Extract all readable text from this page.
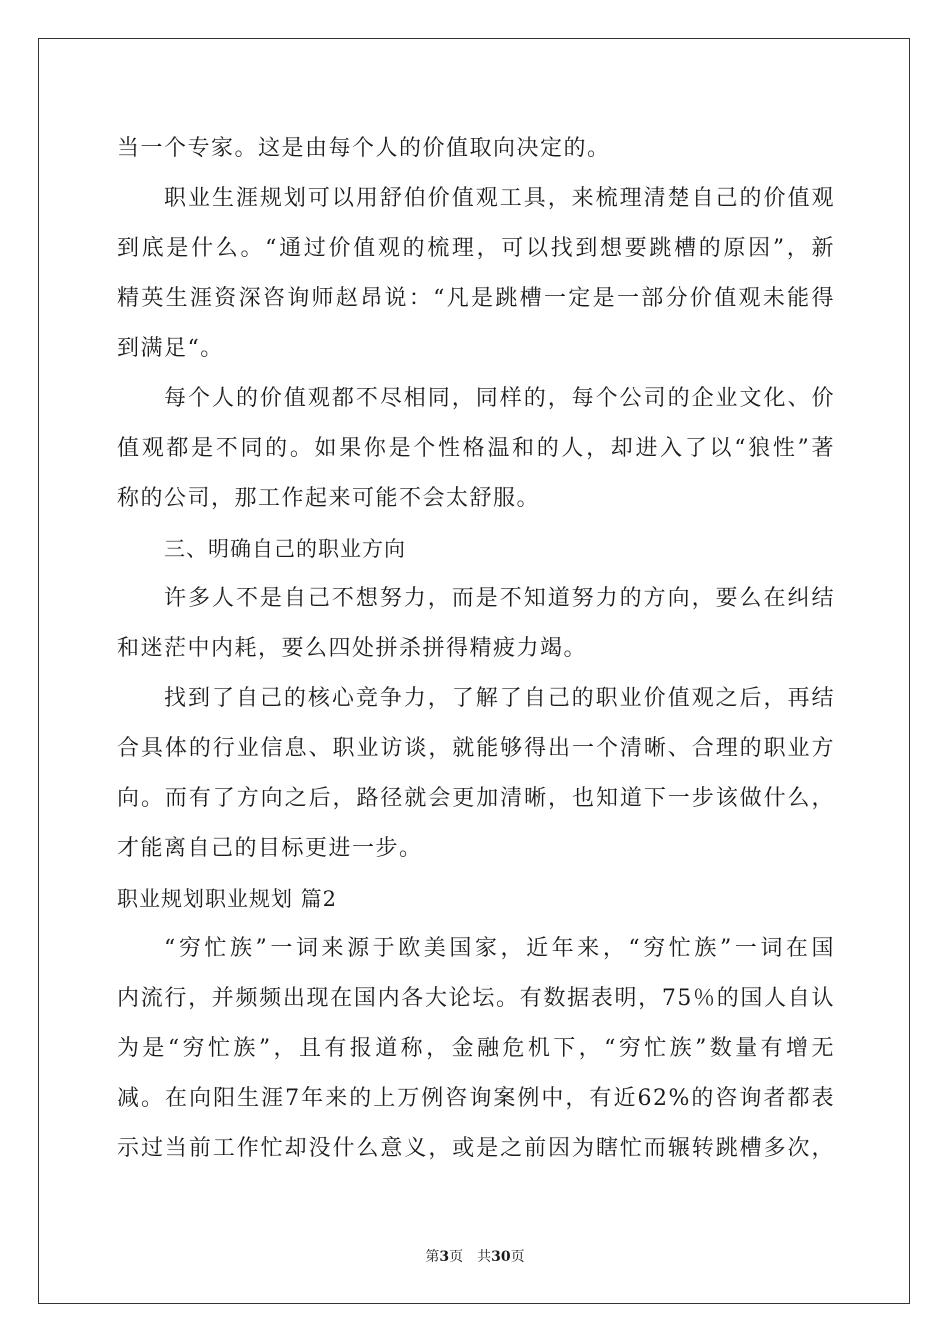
当一个专家。这是由每个人的价值取向决定的。
职业生涯规划可以用舒伯价值观工具，来梳理清楚自己的价值观
到底是什么。“通过价值观的梳理，可以找到想要跳槽的原因”，新
精英生涯资深咨询师赵昂说：“凡是跳槽一定是一部分价值观未能得
到满足“。
每个人的价值观都不尽相同，同样的，每个公司的企业文化、价
值观都是不同的。如果你是个性格温和的人，却进入了以“狼性”著
称的公司，那工作起来可能不会太舒服。
三、明确自己的职业方向
许多人不是自己不想努力，而是不知道努力的方向，要么在纠结
和迷茫中内耗，要么四处拼杀拼得精疲力竭。
找到了自己的核心竞争力，了解了自己的职业价值观之后，再结
合具体的行业信息、职业访谈，就能够得出一个清晰、合理的职业方
向。而有了方向之后，路径就会更加清晰，也知道下一步该做什么，
才能离自己的目标更进一步。
职业规划职业规划 篇2
“穷忙族”一词来源于欧美国家，近年来，“穷忙族”一词在国
内流行，并频频出现在国内各大论坛。有数据表明，75％的国人自认
为是“穷忙族”，且有报道称，金融危机下，“穷忙族”数量有增无
减。在向阳生涯7年来的上万例咨询案例中，有近62%的咨询者都表
示过当前工作忙却没什么意义，或是之前因为瞎忙而辗转跳槽多次，
第3页 共30页
